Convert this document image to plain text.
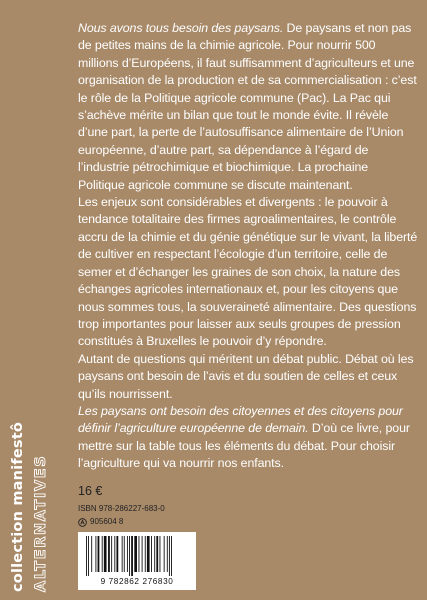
collection manifestô ALTERNATIVES

Nous avons tous besoin des paysans. De paysans et non pas de petites mains de la chimie agricole. Pour nourrir 500 millions d’Européens, il faut suffisamment d’agriculteurs et une organisation de la production et de sa commercialisation : c’est le rôle de la Politique agricole commune (Pac). La Pac qui s’achève mérite un bilan que tout le monde évite. Il révèle d’une part, la perte de l’autosuffisance alimentaire de l’Union européenne, d’autre part, sa dépendance à l’égard de l’industrie pétrochimique et biochimique. La prochaine Politique agricole commune se discute maintenant.

Les enjeux sont considérables et divergents : le pouvoir à tendance totalitaire des firmes agroalimentaires, le contrôle accru de la chimie et du génie génétique sur le vivant, la liberté de cultiver en respectant l’écologie d’un territoire, celle de semer et d’échanger les graines de son choix, la nature des échanges agricoles internationaux et, pour les citoyens que nous sommes tous, la souveraineté alimentaire. Des questions trop importantes pour laisser aux seuls groupes de pression constitués à Bruxelles le pouvoir d’y répondre.

Autant de questions qui méritent un débat public. Débat où les paysans ont besoin de l’avis et du soutien de celles et ceux qu’ils nourrissent.

Les paysans ont besoin des citoyennes et des citoyens pour définir l’agriculture européenne de demain. D’où ce livre, pour mettre sur la table tous les éléments du débat. Pour choisir l’agriculture qui va nourrir nos enfants.

16 €
ISBN 978-286227-683-0
905604 8
9 782862 276830
